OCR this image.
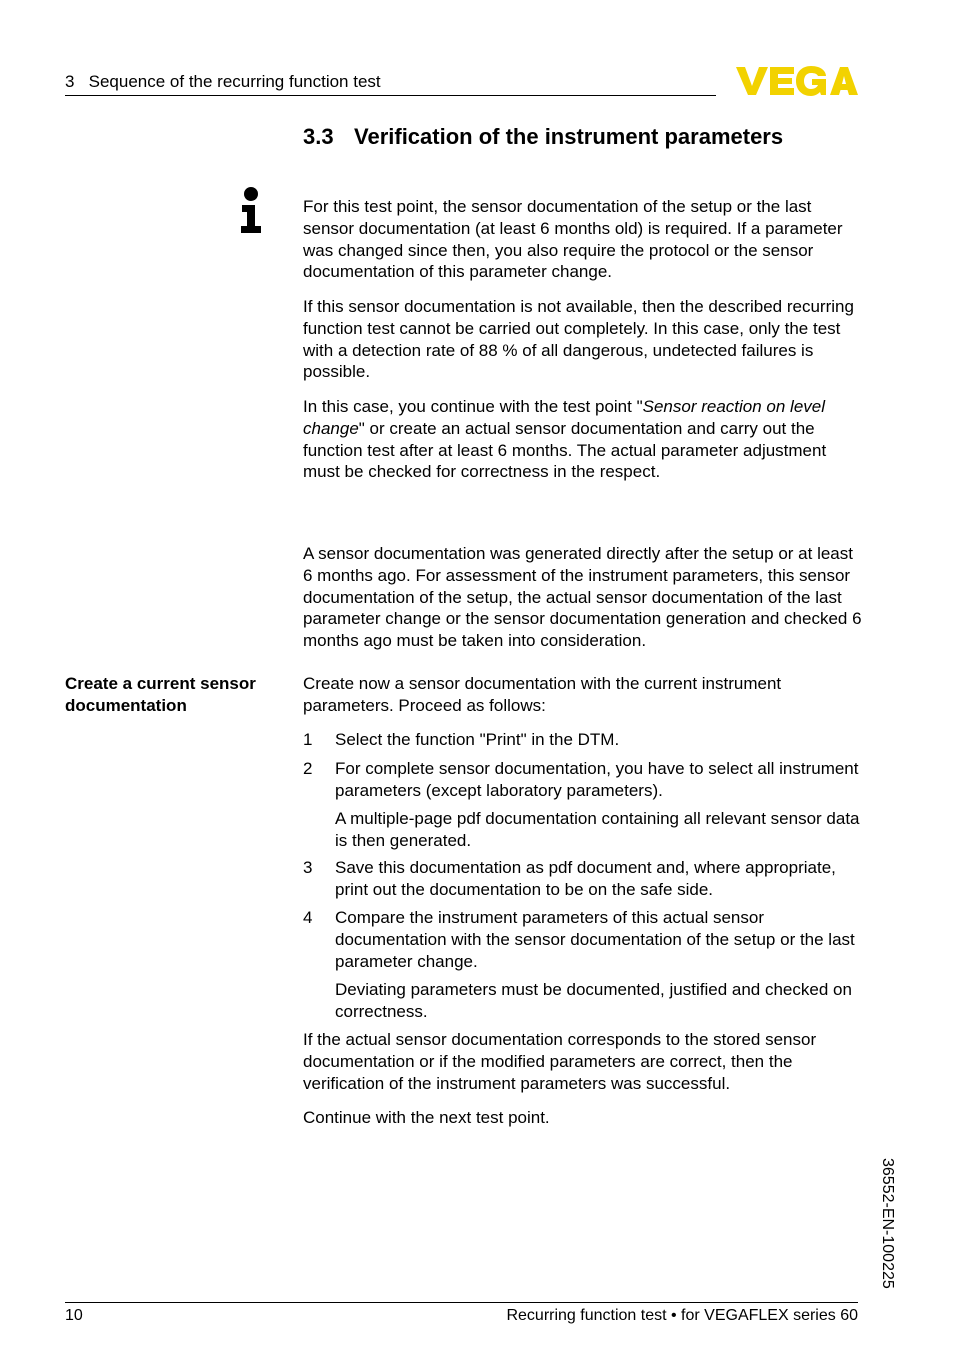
3   Sequence of the recurring function test
3.3 Verification of the instrument parameters
For this test point, the sensor documentation of the setup or the last sensor documentation (at least 6 months old) is required. If a parameter was changed since then, you also require the protocol or the sensor documentation of this parameter change.
If this sensor documentation is not available, then the described recurring function test cannot be carried out completely. In this case, only the test with a detection rate of 88 % of all dangerous, undetected failures is possible.
In this case, you continue with the test point "Sensor reaction on level change" or create an actual sensor documentation and carry out the function test after at least 6 months. The actual parameter adjustment must be checked for correctness in the respect.
A sensor documentation was generated directly after the setup or at least 6 months ago. For assessment of the instrument parameters, this sensor documentation of the setup, the actual sensor documentation of the last parameter change or the sensor documentation generation and checked 6 months ago must be taken into consideration.
Create a current sensor documentation
Create now a sensor documentation with the current instrument parameters. Proceed as follows:
1 Select the function "Print" in the DTM.
2 For complete sensor documentation, you have to select all instrument parameters (except laboratory parameters).
A multiple-page pdf documentation containing all relevant sensor data is then generated.
3 Save this documentation as pdf document and, where appropriate, print out the documentation to be on the safe side.
4 Compare the instrument parameters of this actual sensor documentation with the sensor documentation of the setup or the last parameter change.
Deviating parameters must be documented, justified and checked on correctness.
If the actual sensor documentation corresponds to the stored sensor documentation or if the modified parameters are correct, then the verification of the instrument parameters was successful.
Continue with the next test point.
36552-EN-100225
10	Recurring function test • for VEGAFLEX series 60
